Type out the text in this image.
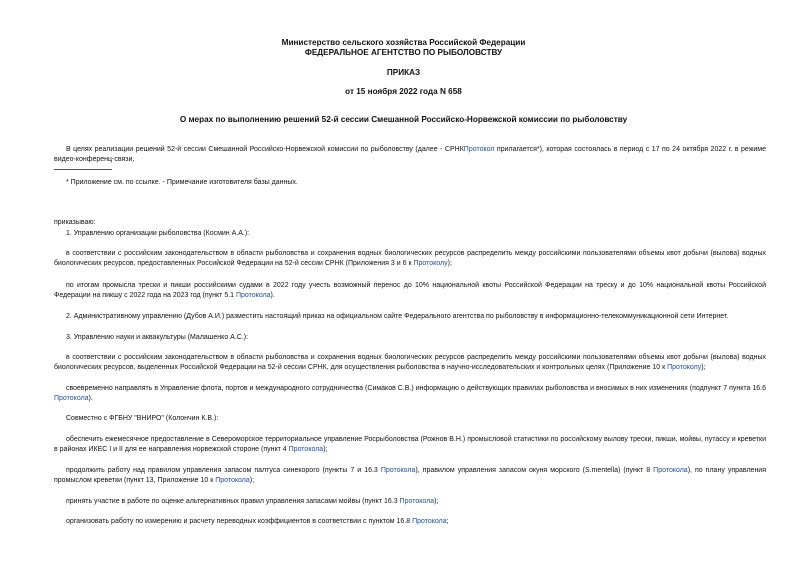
Министерство сельского хозяйства Российской Федерации
ФЕДЕРАЛЬНОЕ АГЕНТСТВО ПО РЫБОЛОВСТВУ
ПРИКАЗ
от 15 ноября 2022 года N 658
О мерах по выполнению решений 52-й сессии Смешанной Российско-Норвежской комиссии по рыболовству
В целях реализации решений 52-й сессии Смешанной Российско-Норвежской комиссии по рыболовству (далее - СРНКПротокол прилагается*), которая состоялась в период с 17 по 24 октября 2022 г. в режиме видео-конференц-связи,
* Приложение см. по ссылке. - Примечание изготовителя базы данных.
приказываю:
1. Управлению организации рыболовства (Космин А.А.):
в соответствии с российским законодательством в области рыболовства и сохранения водных биологических ресурсов распределить между российскими пользователями объемы квот добычи (вылова) водных биологических ресурсов, предоставленных Российской Федерации на 52-й сессии СРНК (Приложения 3 и 6 к Протоколу);
по итогам промысла трески и пикши российскими судами в 2022 году учесть возможный перенос до 10% национальной квоты Российской Федерации на треску и до 10% национальной квоты Российской Федерации на пикшу с 2022 года на 2023 год (пункт 5.1 Протокола).
2. Административному управлению (Дубов А.И.) разместить настоящий приказ на официальном сайте Федерального агентства по рыболовству в информационно-телекоммуникационной сети Интернет.
3. Управлению науки и аквакультуры (Малашенко А.С.):
в соответствии с российским законодательством в области рыболовства и сохранения водных биологических ресурсов распределить между российскими пользователями объемы квот добычи (вылова) водных биологических ресурсов, выделенных Российской Федерации на 52-й сессии СРНК, для осуществления рыболовства в научно-исследовательских и контрольных целях (Приложение 10 к Протоколу);
своевременно направлять в Управление флота, портов и международного сотрудничества (Симаков С.В.) информацию о действующих правилах рыболовства и вносимых в них изменениях (подпункт 7 пункта 16.6 Протокола).
Совместно с ФГБНУ "ВНИРО" (Колончин К.В.):
обеспечить ежемесячное предоставление в Североморское территориальное управление Росрыболовства (Рожнов В.Н.) промысловой статистики по российскому вылову трески, пикши, мойвы, путассу и креветки в районах ИКЕС I и II для ее направления норвежской стороне (пункт 4 Протокола);
продолжить работу над правилом управления запасом палтуса синекорого (пункты 7 и 16.3 Протокола), правилом управления запасом окуня морского (S.mentella) (пункт 8 Протокола), по плану управления промыслом креветки (пункт 13, Приложение 10 к Протокола);
принять участие в работе по оценке альтернативных правил управления запасами мойвы (пункт 16.3 Протокола);
организовать работу по измерению и расчету переводных коэффициентов в соответствии с пунктом 16.8 Протокола;
